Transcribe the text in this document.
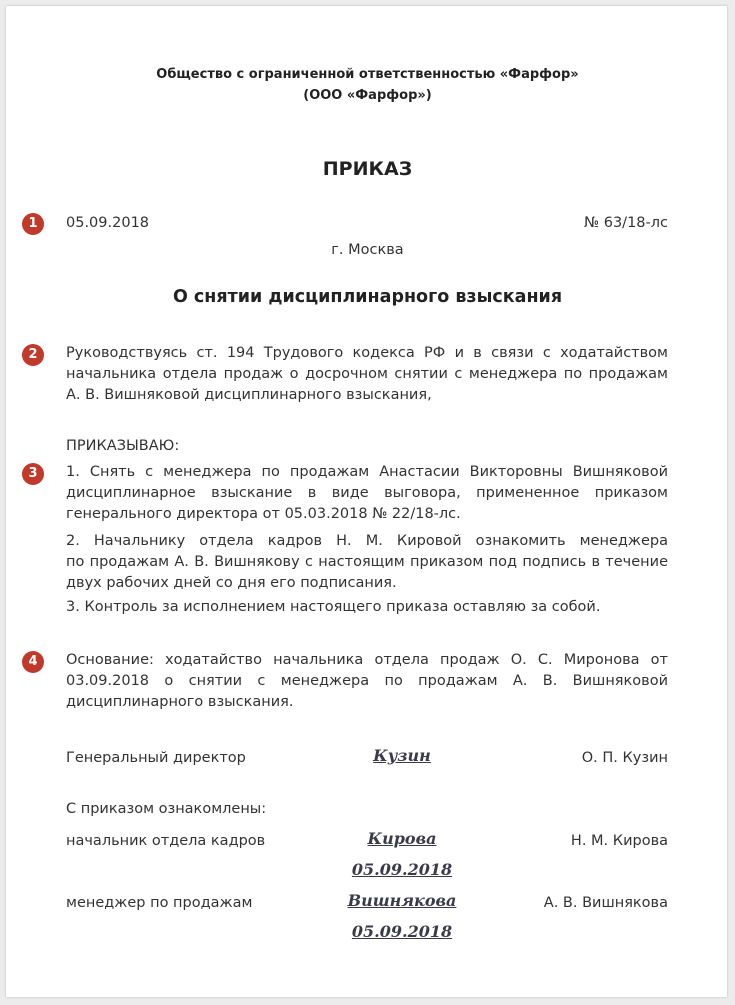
Общество с ограниченной ответственностью «Фарфор»
(ООО «Фарфор»)
ПРИКАЗ
1	05.09.2018	№ 63/18-лс
г. Москва
О снятии дисциплинарного взыскания
2	Руководствуясь ст. 194 Трудового кодекса РФ и в связи с ходатайством
начальника отдела продаж о досрочном снятии с менеджера по продажам
А. В. Вишняковой дисциплинарного взыскания,
ПРИКАЗЫВАЮ:
3	1. Снять с менеджера по продажам Анастасии Викторовны Вишняковой
дисциплинарное взыскание в виде выговора, примененное приказом
генерального директора от 05.03.2018 № 22/18-лс.
2. Начальнику отдела кадров Н. М. Кировой ознакомить менеджера
по продажам А. В. Вишнякову с настоящим приказом под подпись в течение
двух рабочих дней со дня его подписания.
3. Контроль за исполнением настоящего приказа оставляю за собой.
4	Основание: ходатайство начальника отдела продаж О. С. Миронова от
03.09.2018 о снятии с менеджера по продажам А. В. Вишняковой
дисциплинарного взыскания.
Генеральный директор	Кузин	О. П. Кузин
С приказом ознакомлены:
начальник отдела кадров	Кирова	Н. М. Кирова
05.09.2018
менеджер по продажам	Вишнякова	А. В. Вишнякова
05.09.2018
